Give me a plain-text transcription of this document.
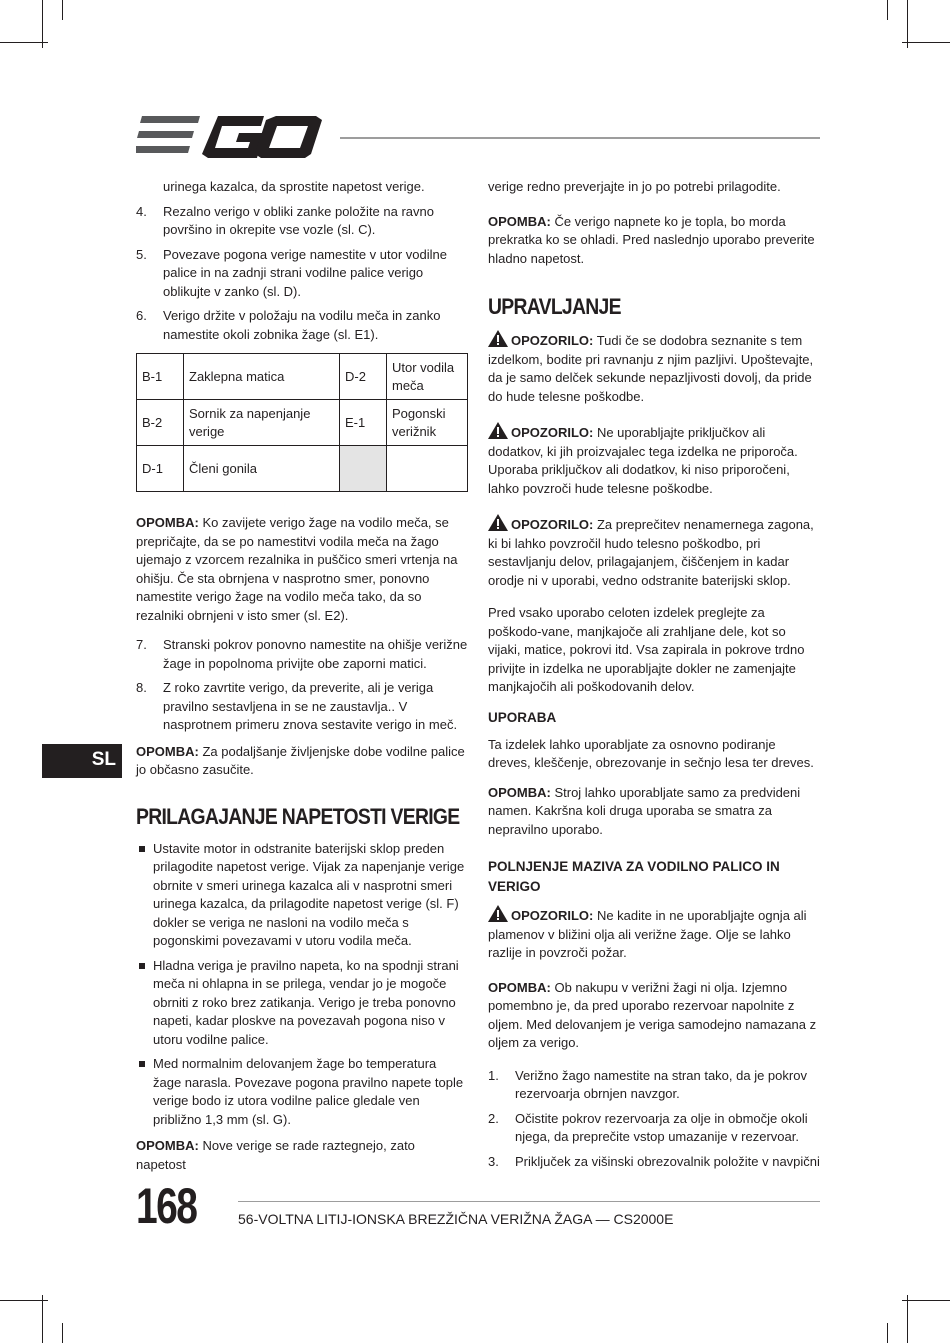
SL

urinega kazalca, da sprostite napetost verige.

4. Rezalno verigo v obliki zanke položite na ravno površino in okrepite vse vozle (sl. C).
5. Povezave pogona verige namestite v utor vodilne palice in na zadnji strani vodilne palice verigo oblikujte v zanko (sl. D).
6. Verigo držite v položaju na vodilu meča in zanko namestite okoli zobnika žage (sl. E1).
B-1	Zaklepna matica	D-2	Utor vodila meča
B-2	Sornik za napenjanje verige	E-1	Pogonski verižnik
D-1	Členi gonila		

OPOMBA: Ko zavijete verigo žage na vodilo meča, se prepričajte, da se po namestitvi vodila meča na žago ujemajo z vzorcem rezalnika in puščico smeri vrtenja na ohišju. Če sta obrnjena v nasprotno smer, ponovno namestite verigo žage na vodilo meča tako, da so rezalniki obrnjeni v isto smer (sl. E2).

7. Stranski pokrov ponovno namestite na ohišje verižne žage in popolnoma privijte obe zaporni matici.
8. Z roko zavrtite verigo, da preverite, ali je veriga pravilno sestavljena in se ne zaustavlja.. V nasprotnem primeru znova sestavite verigo in meč.

OPOMBA: Za podaljšanje življenjske dobe vodilne palice jo občasno zasučite.

PRILAGAJANJE NAPETOSTI VERIGE
Ustavite motor in odstranite baterijski sklop preden prilagodite napetost verige. Vijak za napenjanje verige obrnite v smeri urinega kazalca ali v nasprotni smeri urinega kazalca, da prilagodite napetost verige (sl. F) dokler se veriga ne nasloni na vodilo meča s pogonskimi povezavami v utoru vodila meča.
Hladna veriga je pravilno napeta, ko na spodnji strani meča ni ohlapna in se prilega, vendar jo je mogoče obrniti z roko brez zatikanja. Verigo je treba ponovno napeti, kadar ploskve na povezavah pogona niso v utoru vodilne palice.
Med normalnim delovanjem žage bo temperatura žage narasla. Povezave pogona pravilno napete tople verige bodo iz utora vodilne palice gledale ven približno 1,3 mm (sl. G).

OPOMBA: Nove verige se rade raztegnejo, zato napetost

verige redno preverjajte in jo po potrebi prilagodite.

OPOMBA: Če verigo napnete ko je topla, bo morda prekratka ko se ohladi. Pred naslednjo uporabo preverite hladno napetost.

UPRAVLJANJE

OPOZORILO: Tudi če se dodobra seznanite s tem izdelkom, bodite pri ravnanju z njim pazljivi. Upoštevajte, da je samo delček sekunde nepazljivosti dovolj, da pride do hude telesne poškodbe.

OPOZORILO: Ne uporabljajte priključkov ali dodatkov, ki jih proizvajalec tega izdelka ne priporoča. Uporaba priključkov ali dodatkov, ki niso priporočeni, lahko povzroči hude telesne poškodbe.

OPOZORILO: Za preprečitev nenamernega zagona, ki bi lahko povzročil hudo telesno poškodbo, pri sestavljanju delov, prilagajanjem, čiščenjem in kadar orodje ni v uporabi, vedno odstranite baterijski sklop.

Pred vsako uporabo celoten izdelek preglejte za poškodo-vane, manjkajoče ali zrahljane dele, kot so vijaki, matice, pokrovi itd. Vsa zapirala in pokrove trdno privijte in izdelka ne uporabljajte dokler ne zamenjajte manjkajočih ali poškodovanih delov.

UPORABA

Ta izdelek lahko uporabljate za osnovno podiranje dreves, kleščenje, obrezovanje in sečnjo lesa ter dreves.

OPOMBA: Stroj lahko uporabljate samo za predvideni namen. Kakršna koli druga uporaba se smatra za nepravilno uporabo.

POLNJENJE MAZIVA ZA VODILNO PALICO IN VERIGO

OPOZORILO: Ne kadite in ne uporabljajte ognja ali plamenov v bližini olja ali verižne žage. Olje se lahko razlije in povzroči požar.

OPOMBA: Ob nakupu v verižni žagi ni olja. Izjemno pomembno je, da pred uporabo rezervoar napolnite z oljem. Med delovanjem je veriga samodejno namazana z oljem za verigo.

1. Verižno žago namestite na stran tako, da je pokrov rezervoarja obrnjen navzgor.
2. Očistite pokrov rezervoarja za olje in območje okoli njega, da preprečite vstop umazanije v rezervoar.
3. Priključek za višinski obrezovalnik položite v navpični
168	56-VOLTNA LITIJ-IONSKA BREZŽIČNA VERIŽNA ŽAGA — CS2000E
